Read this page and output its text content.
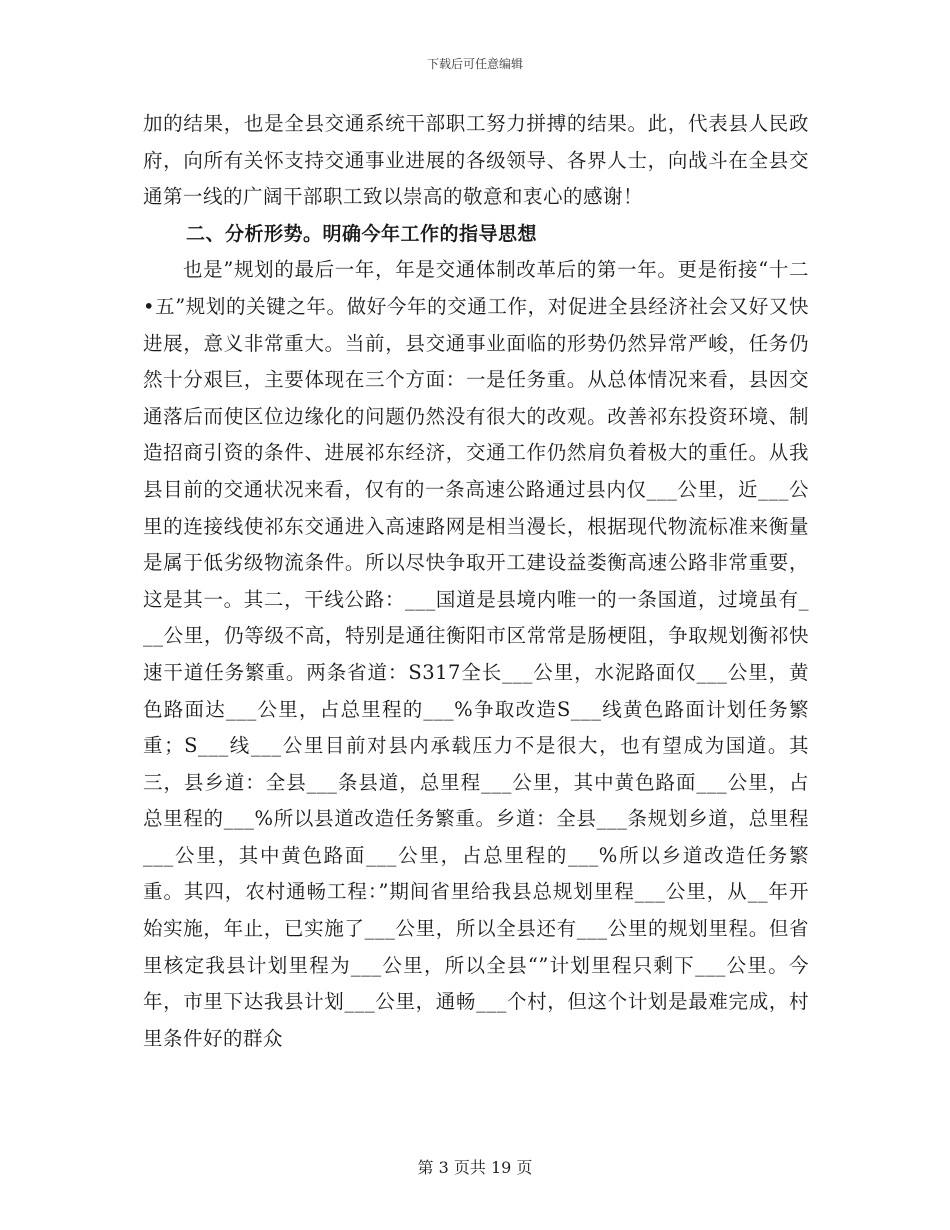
下载后可任意编辑

加的结果，也是全县交通系统干部职工努力拼搏的结果。此，代表县人民政府，向所有关怀支持交通事业进展的各级领导、各界人士，向战斗在全县交通第一线的广阔干部职工致以崇高的敬意和衷心的感谢！

二、分析形势。明确今年工作的指导思想

也是”规划的最后一年，年是交通体制改革后的第一年。更是衔接“十二•五”规划的关键之年。做好今年的交通工作，对促进全县经济社会又好又快进展，意义非常重大。当前，县交通事业面临的形势仍然异常严峻，任务仍然十分艰巨，主要体现在三个方面：一是任务重。从总体情况来看，县因交通落后而使区位边缘化的问题仍然没有很大的改观。改善祁东投资环境、制造招商引资的条件、进展祁东经济，交通工作仍然肩负着极大的重任。从我县目前的交通状况来看，仅有的一条高速公路通过县内仅___公里，近___公里的连接线使祁东交通进入高速路网是相当漫长，根据现代物流标准来衡量是属于低劣级物流条件。所以尽快争取开工建设益娄衡高速公路非常重要，这是其一。其二，干线公路：___国道是县境内唯一的一条国道，过境虽有___公里，仍等级不高，特别是通往衡阳市区常常是肠梗阻，争取规划衡祁快速干道任务繁重。两条省道：S317全长___公里，水泥路面仅___公里，黄色路面达___公里，占总里程的___%争取改造S___线黄色路面计划任务繁重；S___线___公里目前对县内承载压力不是很大，也有望成为国道。其三，县乡道：全县___条县道，总里程___公里，其中黄色路面___公里，占总里程的___%所以县道改造任务繁重。乡道：全县___条规划乡道，总里程___公里，其中黄色路面___公里，占总里程的___%所以乡道改造任务繁重。其四，农村通畅工程：”期间省里给我县总规划里程___公里，从__年开始实施，年止，已实施了___公里，所以全县还有___公里的规划里程。但省里核定我县计划里程为___公里，所以全县“”计划里程只剩下___公里。今年，市里下达我县计划___公里，通畅___个村，但这个计划是最难完成，村里条件好的群众

第 3 页共 19 页
